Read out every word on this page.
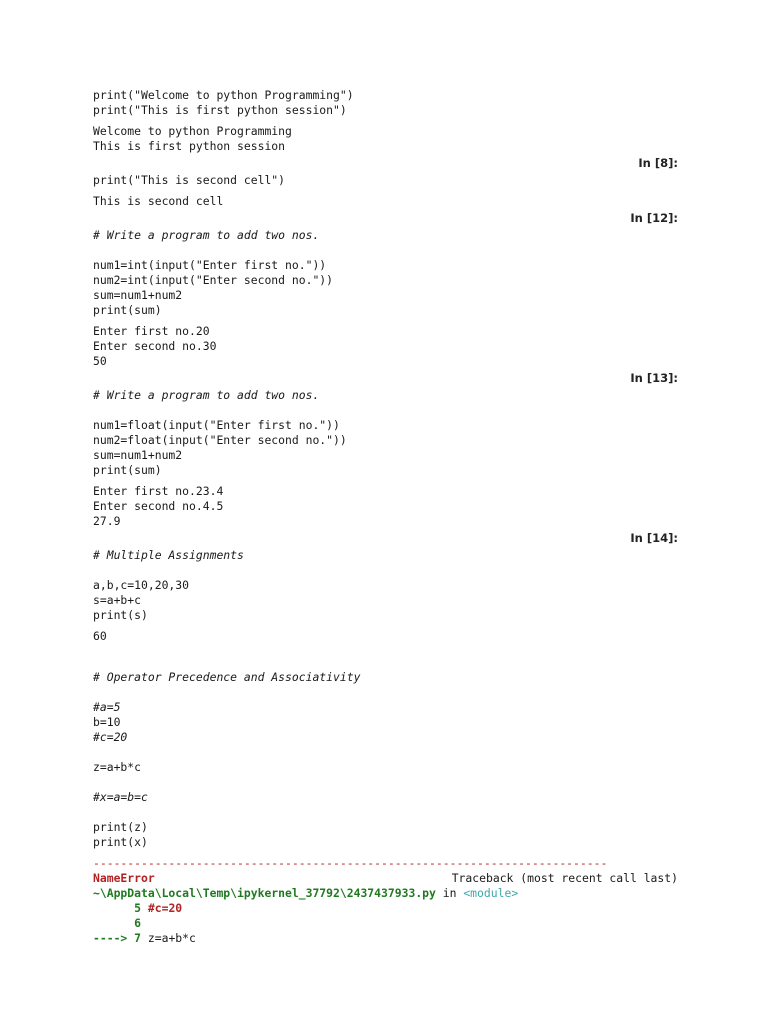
print("Welcome to python Programming")
print("This is first python session")
Welcome to python Programming
This is first python session
In [8]:
print("This is second cell")
This is second cell
In [12]:
# Write a program to add two nos.

num1=int(input("Enter first no."))
num2=int(input("Enter second no."))
sum=num1+num2
print(sum)
Enter first no.20
Enter second no.30
50
In [13]:
# Write a program to add two nos.

num1=float(input("Enter first no."))
num2=float(input("Enter second no."))
sum=num1+num2
print(sum)
Enter first no.23.4
Enter second no.4.5
27.9
In [14]:
# Multiple Assignments

a,b,c=10,20,30
s=a+b+c
print(s)
60
# Operator Precedence and Associativity

#a=5
b=10
#c=20

z=a+b*c

#x=a=b=c

print(z)
print(x)
---------------------------------------------------------------------------
NameError	Traceback (most recent call last)
~\AppData\Local\Temp\ipykernel_37792\2437437933.py in <module>
5 #c=20
6
----> 7 z=a+b*c
